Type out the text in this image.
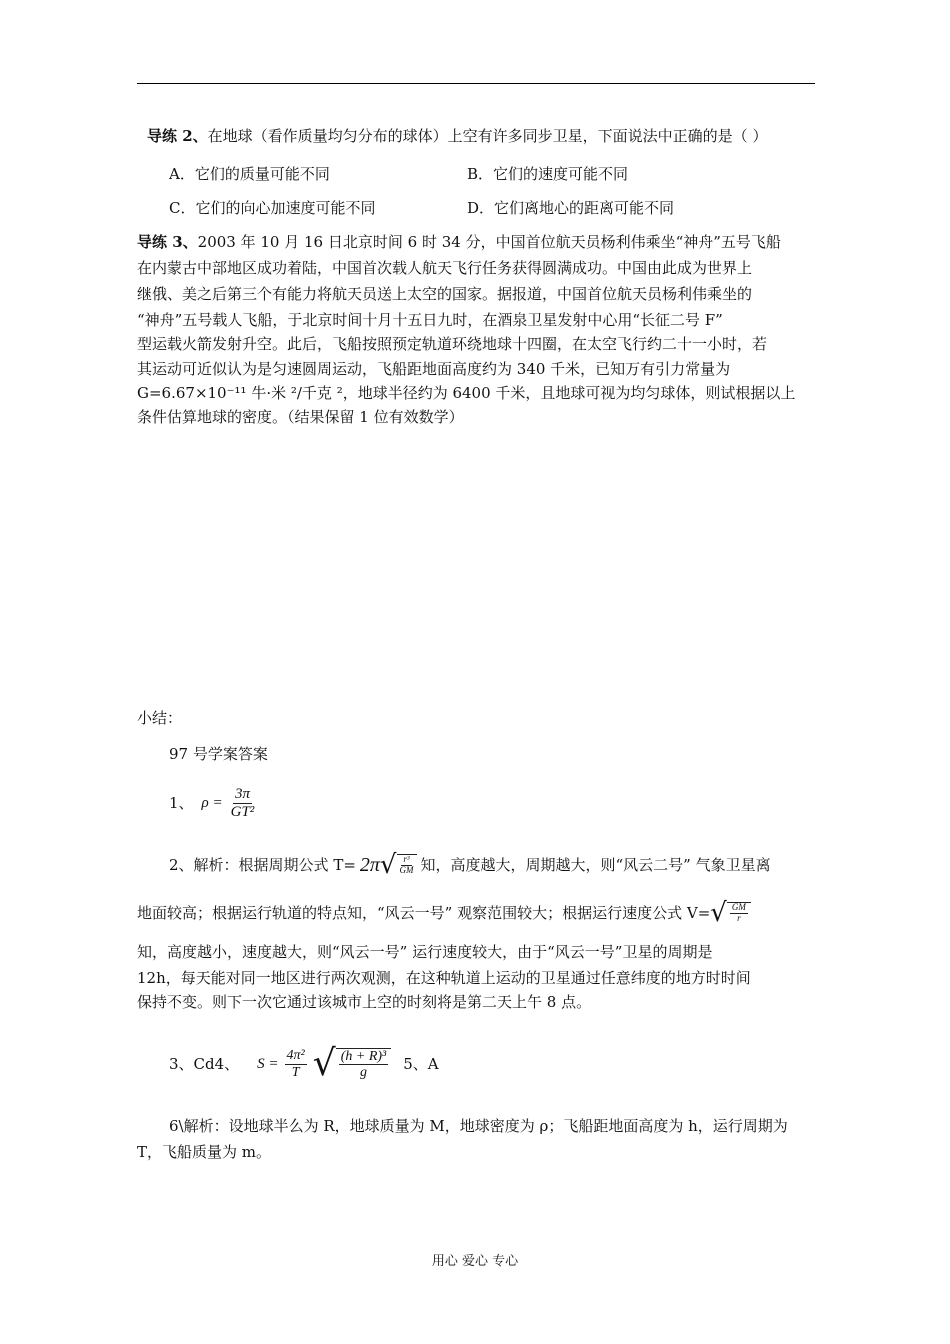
导练 2、在地球（看作质量均匀分布的球体）上空有许多同步卫星，下面说法中正确的是（ ）
A．它们的质量可能不同	B．它们的速度可能不同
C．它们的向心加速度可能不同	D．它们离地心的距离可能不同
导练 3、2003 年 10 月 16 日北京时间 6 时 34 分，中国首位航天员杨利伟乘坐“神舟”五号飞船
在内蒙古中部地区成功着陆，中国首次载人航天飞行任务获得圆满成功。中国由此成为世界上
继俄、美之后第三个有能力将航天员送上太空的国家。据报道，中国首位航天员杨利伟乘坐的
“神舟”五号载人飞船，于北京时间十月十五日九时，在酒泉卫星发射中心用“长征二号 F”
型运载火箭发射升空。此后，飞船按照预定轨道环绕地球十四圈，在太空飞行约二十一小时，若
其运动可近似认为是匀速圆周运动，飞船距地面高度约为 340 千米，已知万有引力常量为
G=6.67×10⁻¹¹ 牛·米 ²/千克 ²，地球半径约为 6400 千米，且地球可视为均匀球体，则试根据以上
条件估算地球的密度。（结果保留 1 位有效数学）
小结：
97 号学案答案
1、 $\rho = \frac{3\pi}{\text{GT²}}$
2、解析：根据周期公式 T= 2π √ $\frac{\text{r³}}{GM}$ 知，高度越大，周期越大，则“风云二号” 气象卫星离
地面较高；根据运行轨道的特点知，“风云一号” 观察范围较大；根据运行速度公式 V= √ $\frac{GM}{r}$
知，高度越小，速度越大，则“风云一号” 运行速度较大，由于“风云一号”卫星的周期是
12h，每天能对同一地区进行两次观测，在这种轨道上运动的卫星通过任意纬度的地方时时间
保持不变。则下一次它通过该城市上空的时刻将是第二天上午 8 点。
3、Cd4、 $S = \frac{\text{4π²}}{T}$ √ $\frac{\text{(h + R)³}}{g} 5$、A
6\解析：设地球半么为 R，地球质量为 M，地球密度为 ρ；飞船距地面高度为 h，运行周期为
T，飞船质量为 m。
用心 爱心 专心
